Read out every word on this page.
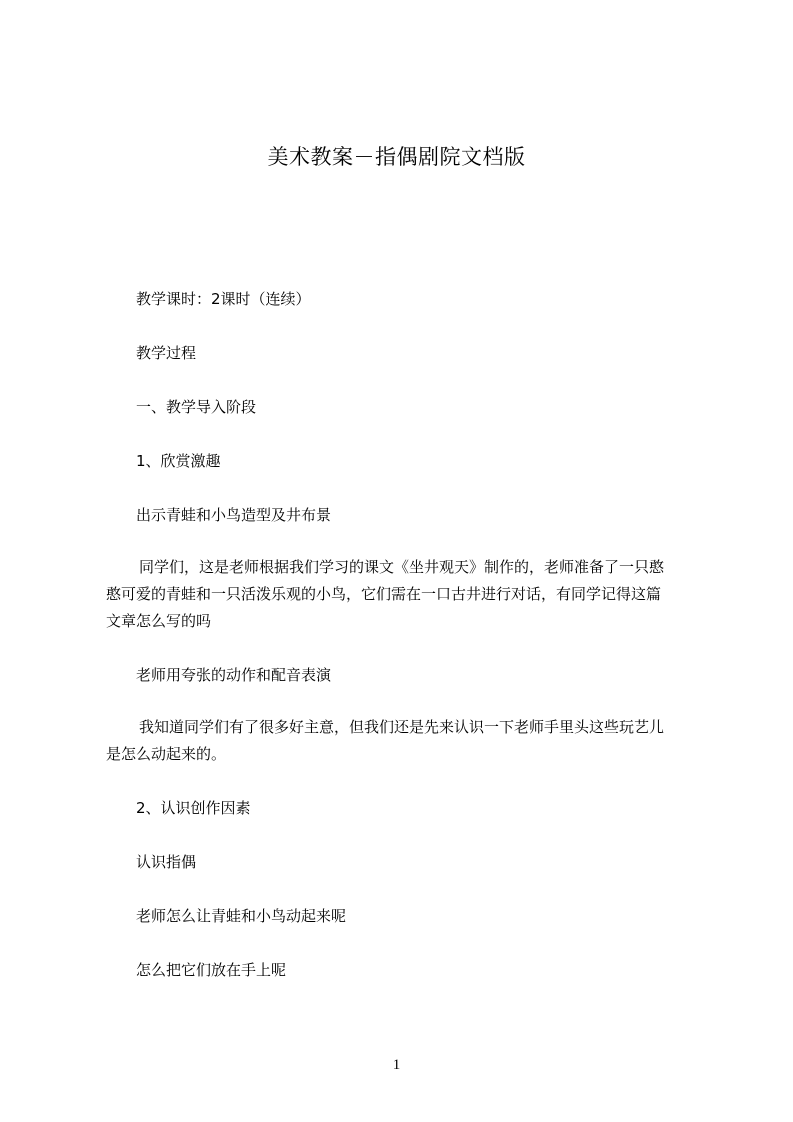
美术教案－指偶剧院文档版
教学课时：2课时（连续）
教学过程
一、教学导入阶段
1、欣赏激趣
出示青蛙和小鸟造型及井布景
同学们，这是老师根据我们学习的课文《坐井观天》制作的，老师准备了一只憨
憨可爱的青蛙和一只活泼乐观的小鸟，它们需在一口古井进行对话，有同学记得这篇
文章怎么写的吗
老师用夸张的动作和配音表演
我知道同学们有了很多好主意，但我们还是先来认识一下老师手里头这些玩艺儿
是怎么动起来的。
2、认识创作因素
认识指偶
老师怎么让青蛙和小鸟动起来呢
怎么把它们放在手上呢
1
